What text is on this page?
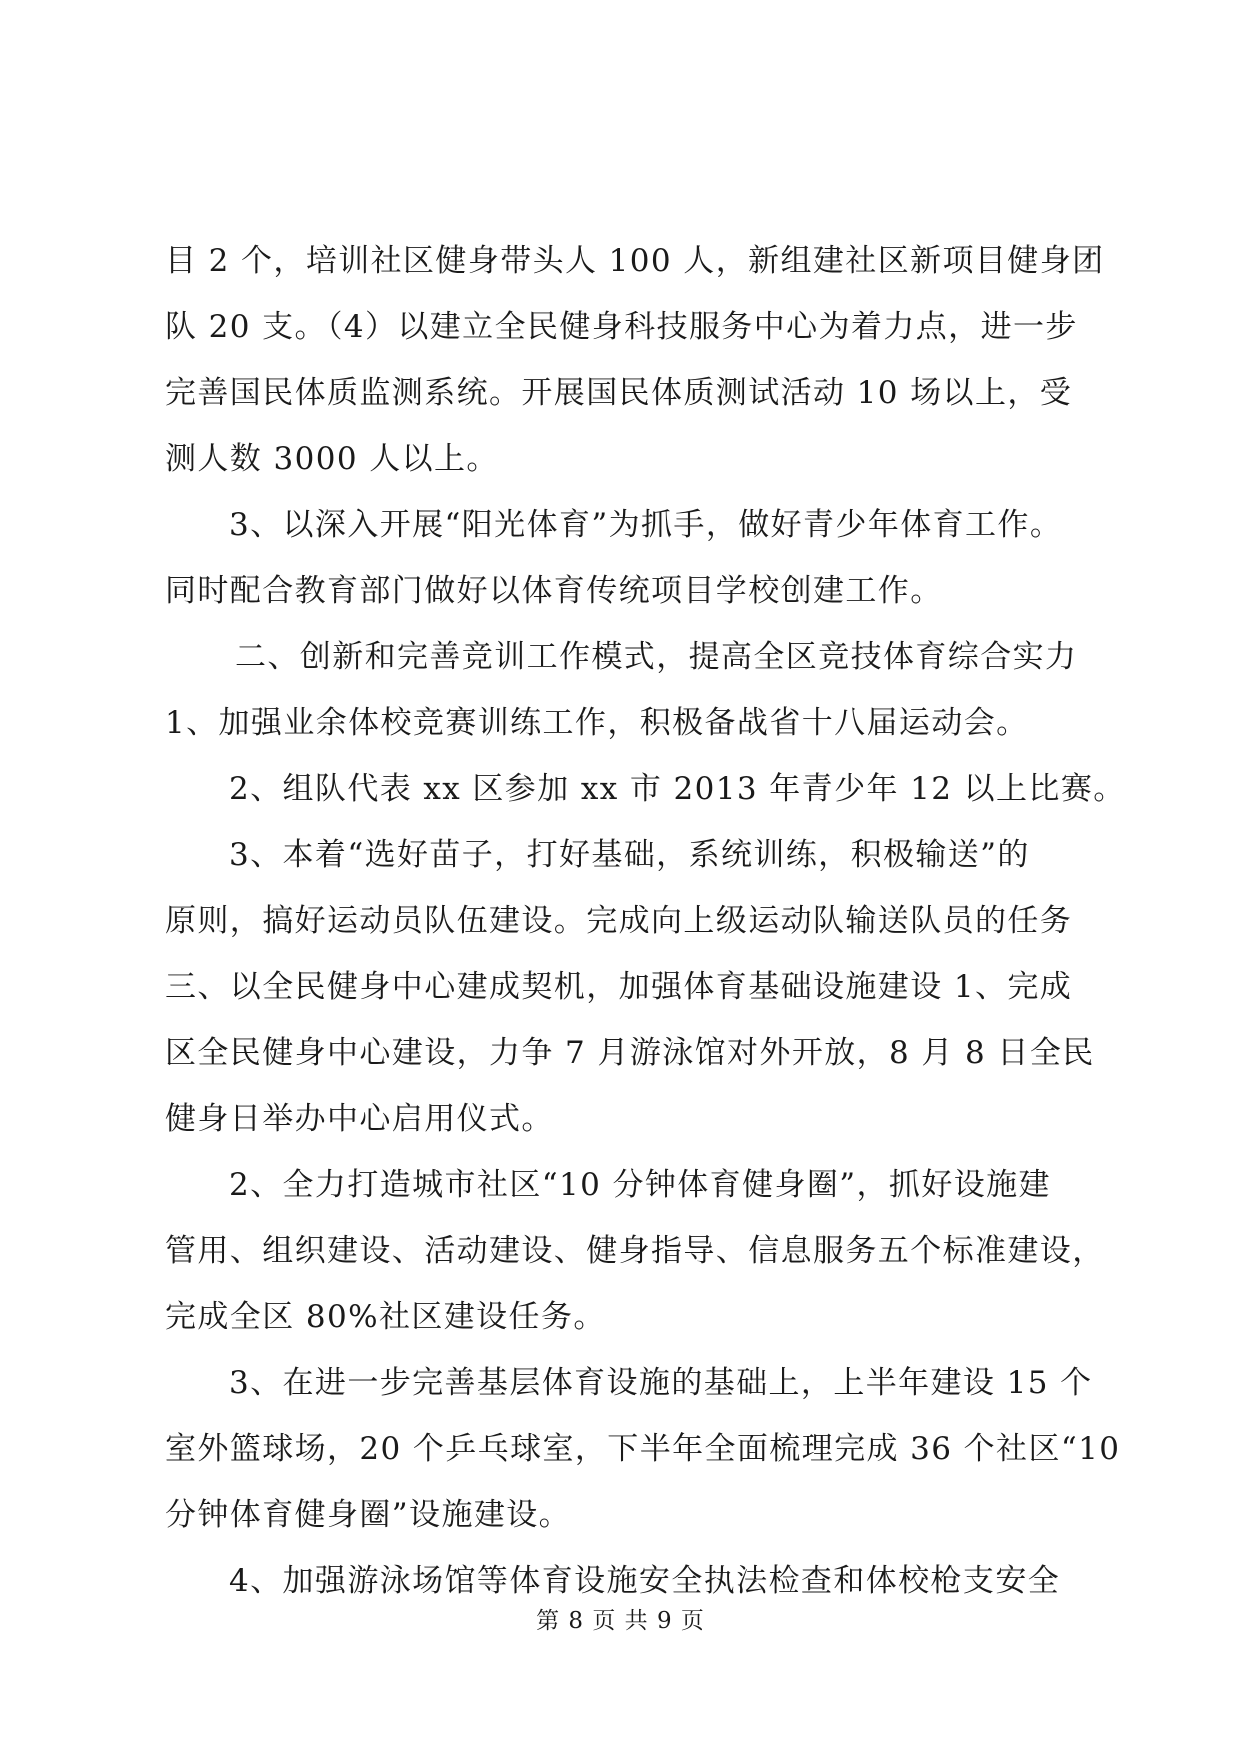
目 2 个，培训社区健身带头人 100 人，新组建社区新项目健身团
队 20 支。（4）以建立全民健身科技服务中心为着力点，进一步
完善国民体质监测系统。开展国民体质测试活动 10 场以上，受
测人数 3000 人以上。
3、以深入开展“阳光体育”为抓手，做好青少年体育工作。
同时配合教育部门做好以体育传统项目学校创建工作。
二、创新和完善竞训工作模式，提高全区竞技体育综合实力
1、加强业余体校竞赛训练工作，积极备战省十八届运动会。
2、组队代表 xx 区参加 xx 市 2013 年青少年 12 以上比赛。
3、本着“选好苗子，打好基础，系统训练，积极输送”的
原则，搞好运动员队伍建设。完成向上级运动队输送队员的任务
三、以全民健身中心建成契机，加强体育基础设施建设 1、完成
区全民健身中心建设，力争 7 月游泳馆对外开放，8 月 8 日全民
健身日举办中心启用仪式。
2、全力打造城市社区“10 分钟体育健身圈”，抓好设施建
管用、组织建设、活动建设、健身指导、信息服务五个标准建设，
完成全区 80%社区建设任务。
3、在进一步完善基层体育设施的基础上，上半年建设 15 个
室外篮球场，20 个乒乓球室，下半年全面梳理完成 36 个社区“10
分钟体育健身圈”设施建设。
4、加强游泳场馆等体育设施安全执法检查和体校枪支安全
第 8 页 共 9 页
